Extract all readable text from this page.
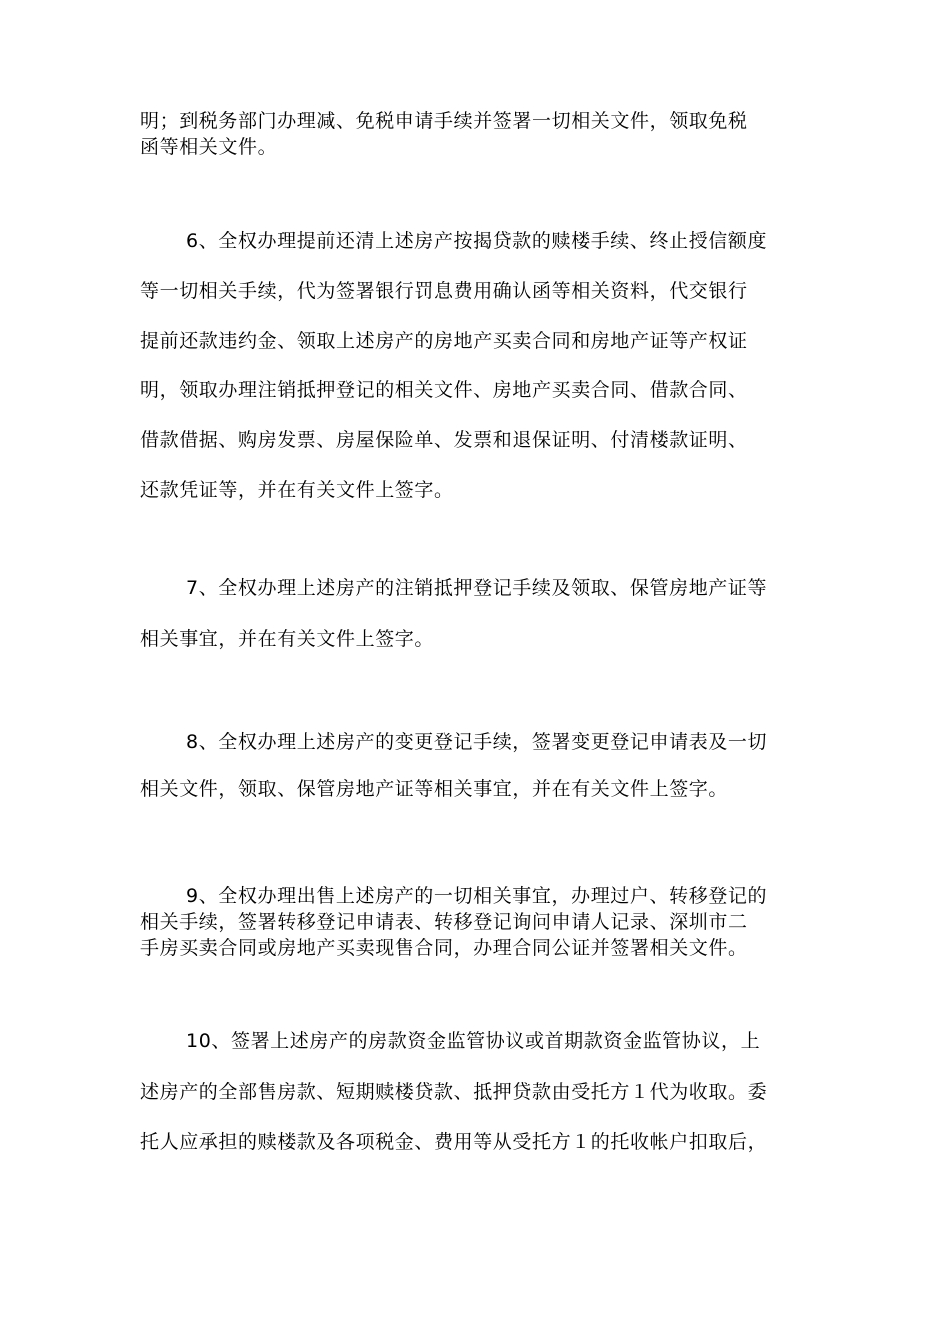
明；到税务部门办理减、免税申请手续并签署一切相关文件，领取免税
函等相关文件。
6、全权办理提前还清上述房产按揭贷款的赎楼手续、终止授信额度
等一切相关手续，代为签署银行罚息费用确认函等相关资料，代交银行
提前还款违约金、领取上述房产的房地产买卖合同和房地产证等产权证
明，领取办理注销抵押登记的相关文件、房地产买卖合同、借款合同、
借款借据、购房发票、房屋保险单、发票和退保证明、付清楼款证明、
还款凭证等，并在有关文件上签字。
7、全权办理上述房产的注销抵押登记手续及领取、保管房地产证等
相关事宜，并在有关文件上签字。
8、全权办理上述房产的变更登记手续，签署变更登记申请表及一切
相关文件，领取、保管房地产证等相关事宜，并在有关文件上签字。
9、全权办理出售上述房产的一切相关事宜，办理过户、转移登记的
相关手续，签署转移登记申请表、转移登记询问申请人记录、深圳市二
手房买卖合同或房地产买卖现售合同，办理合同公证并签署相关文件。
10、签署上述房产的房款资金监管协议或首期款资金监管协议，上
述房产的全部售房款、短期赎楼贷款、抵押贷款由受托方１代为收取。委
托人应承担的赎楼款及各项税金、费用等从受托方１的托收帐户扣取后，
